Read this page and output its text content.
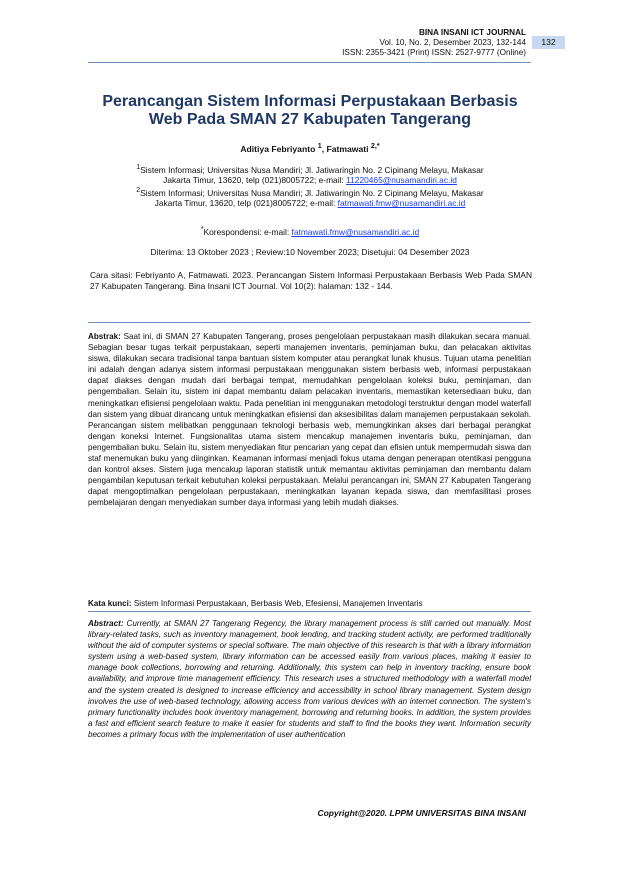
BINA INSANI ICT JOURNAL
Vol. 10, No. 2, Desember 2023, 132-144
ISSN: 2355-3421 (Print) ISSN: 2527-9777 (Online)
132
Perancangan Sistem Informasi Perpustakaan Berbasis
Web Pada SMAN 27 Kabupaten Tangerang
Aditiya Febriyanto $^1$, Fatmawati $^{2,*}$
$^1$Sistem Informasi; Universitas Nusa Mandiri; Jl. Jatiwaringin No. 2 Cipinang Melayu, Makasar
Jakarta Timur, 13620, telp (021)8005722; e-mail: 11220465@nusamandiri.ac.id
$^2$Sistem Informasi; Universitas Nusa Mandiri; Jl. Jatiwaringin No. 2 Cipinang Melayu, Makasar
Jakarta Timur, 13620, telp (021)8005722; e-mail: fatmawati.fmw@nusamandiri.ac.id
*Korespondensi: e-mail: fatmawati.fmw@nusamandiri.ac.id
Diterima: 13 Oktober 2023 ; Review:10 November 2023; Disetujui: 04 Desember 2023
Cara sitasi: Febriyanto A, Fatmawati. 2023. Perancangan Sistem Informasi Perpustakaan Berbasis Web Pada SMAN 27 Kabupaten Tangerang. Bina Insani ICT Journal. Vol 10(2): halaman: 132 - 144.

Abstrak: Saat ini, di SMAN 27 Kabupaten Tangerang, proses pengelolaan perpustakaan masih dilakukan secara manual. Sebagian besar tugas terkait perpustakaan, seperti manajemen inventaris, peminjaman buku, dan pelacakan aktivitas siswa, dilakukan secara tradisional tanpa bantuan sistem komputer atau perangkat lunak khusus. Tujuan utama penelitian ini adalah dengan adanya sistem informasi perpustakaan menggunakan sistem berbasis web, informasi perpustakaan dapat diakses dengan mudah dari berbagai tempat, memudahkan pengelolaan koleksi buku, peminjaman, dan pengembalian. Selain itu, sistem ini dapat membantu dalam pelacakan inventaris, memastikan ketersediaan buku, dan meningkatkan efisiensi pengelolaan waktu. Pada penelitian ini menggunakan metodologi terstruktur dengan model waterfall dan sistem yang dibuat dirancang untuk meningkatkan efisiensi dan aksesibilitas dalam manajemen perpustakaan sekolah. Perancangan sistem melibatkan penggunaan teknologi berbasis web, memungkinkan akses dari berbagai perangkat dengan koneksi Internet. Fungsionalitas utama sistem mencakup manajemen inventaris buku, peminjaman, dan pengembalian buku. Selain itu, sistem menyediakan fitur pencarian yang cepat dan efisien untuk mempermudah siswa dan staf menemukan buku yang diinginkan. Keamanan informasi menjadi fokus utama dengan penerapan otentikasi pengguna dan kontrol akses. Sistem juga mencakup laporan statistik untuk memantau aktivitas peminjaman dan membantu dalam pengambilan keputusan terkait kebutuhan koleksi perpustakaan. Melalui perancangan ini, SMAN 27 Kabupaten Tangerang dapat mengoptimalkan pengelolaan perpustakaan, meningkatkan layanan kepada siswa, dan memfasilitasi proses pembelajaran dengan menyediakan sumber daya informasi yang lebih mudah diakses.

Kata kunci: Sistem Informasi Perpustakaan, Berbasis Web, Efesiensi, Manajemen Inventaris

Abstract: Currently, at SMAN 27 Tangerang Regency, the library management process is still carried out manually. Most library-related tasks, such as inventory management, book lending, and tracking student activity, are performed traditionally without the aid of computer systems or special software. The main objective of this research is that with a library information system using a web-based system, library information can be accessed easily from various places, making it easier to manage book collections, borrowing and returning. Additionally, this system can help in inventory tracking, ensure book availability, and improve time management efficiency. This research uses a structured methodology with a waterfall model and the system created is designed to increase efficiency and accessibility in school library management. System design involves the use of web-based technology, allowing access from various devices with an internet connection. The system's primary functionality includes book inventory management, borrowing and returning books. In addition, the system provides a fast and efficient search feature to make it easier for students and staff to find the books they want. Information security becomes a primary focus with the implementation of user authentication

Copyright@2020. LPPM UNIVERSITAS BINA INSANI
